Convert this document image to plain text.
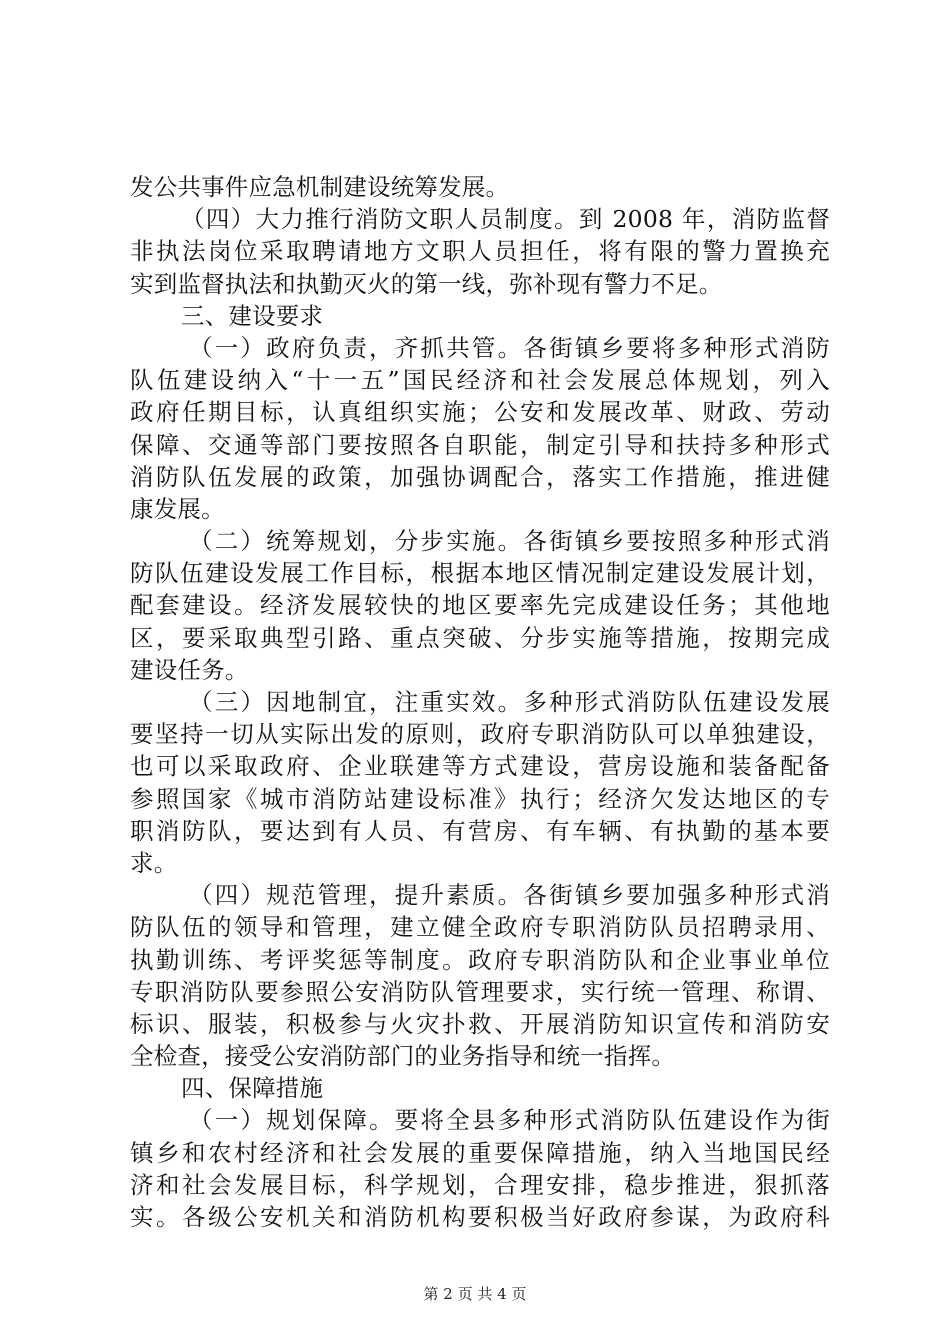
发公共事件应急机制建设统筹发展。
（四）大力推行消防文职人员制度。到 2008 年，消防监督
非执法岗位采取聘请地方文职人员担任，将有限的警力置换充
实到监督执法和执勤灭火的第一线，弥补现有警力不足。
三、建设要求
（一）政府负责，齐抓共管。各街镇乡要将多种形式消防
队伍建设纳入“十一五”国民经济和社会发展总体规划，列入
政府任期目标，认真组织实施；公安和发展改革、财政、劳动
保障、交通等部门要按照各自职能，制定引导和扶持多种形式
消防队伍发展的政策，加强协调配合，落实工作措施，推进健
康发展。
（二）统筹规划，分步实施。各街镇乡要按照多种形式消
防队伍建设发展工作目标，根据本地区情况制定建设发展计划，
配套建设。经济发展较快的地区要率先完成建设任务；其他地
区，要采取典型引路、重点突破、分步实施等措施，按期完成
建设任务。
（三）因地制宜，注重实效。多种形式消防队伍建设发展
要坚持一切从实际出发的原则，政府专职消防队可以单独建设，
也可以采取政府、企业联建等方式建设，营房设施和装备配备
参照国家《城市消防站建设标准》执行；经济欠发达地区的专
职消防队，要达到有人员、有营房、有车辆、有执勤的基本要
求。
（四）规范管理，提升素质。各街镇乡要加强多种形式消
防队伍的领导和管理，建立健全政府专职消防队员招聘录用、
执勤训练、考评奖惩等制度。政府专职消防队和企业事业单位
专职消防队要参照公安消防队管理要求，实行统一管理、称谓、
标识、服装，积极参与火灾扑救、开展消防知识宣传和消防安
全检查，接受公安消防部门的业务指导和统一指挥。
四、保障措施
（一）规划保障。要将全县多种形式消防队伍建设作为街
镇乡和农村经济和社会发展的重要保障措施，纳入当地国民经
济和社会发展目标，科学规划，合理安排，稳步推进，狠抓落
实。各级公安机关和消防机构要积极当好政府参谋，为政府科
第 2 页 共 4 页
